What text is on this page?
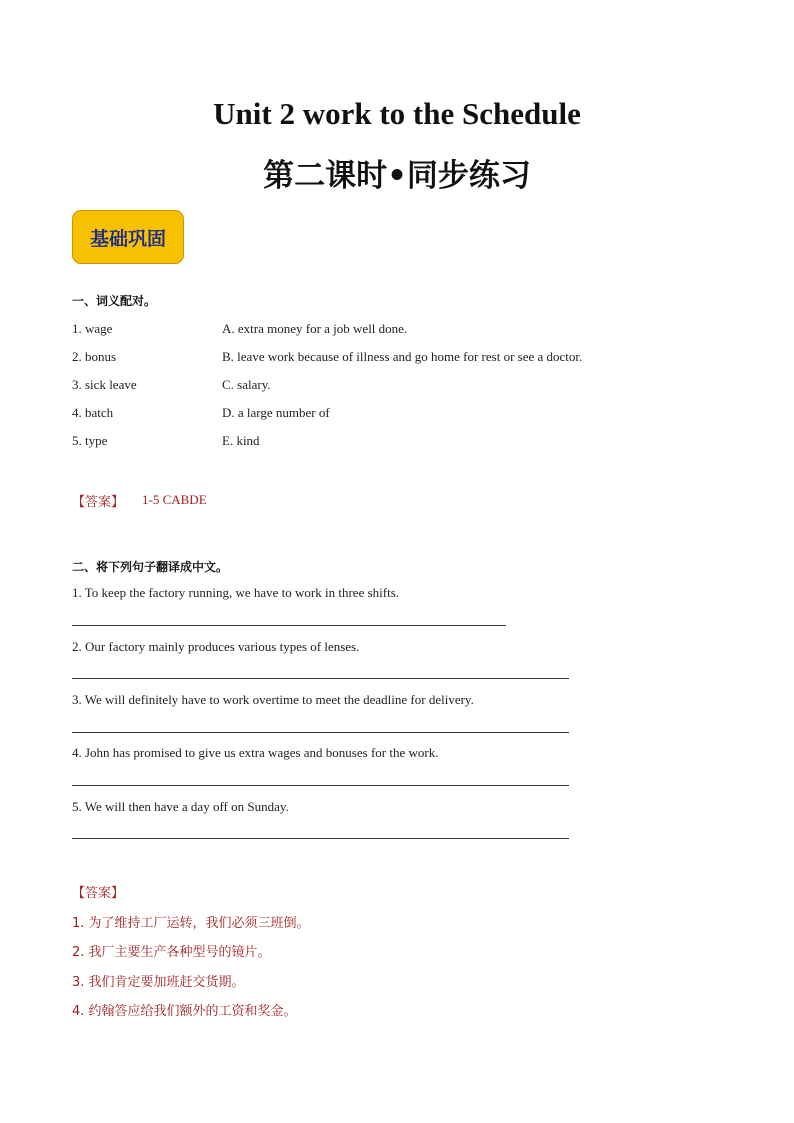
Unit 2 work to the Schedule
第二课时•同步练习
基础巩固
一、词义配对。
1. wage	A. extra money for a job well done.
2. bonus	B. leave work because of illness and go home for rest or see a doctor.
3. sick leave	C. salary.
4. batch	D. a large number of
5. type	E. kind
【答案】 1-5 CABDE
二、将下列句子翻译成中文。
1. To keep the factory running, we have to work in three shifts.
2. Our factory mainly produces various types of lenses.
3. We will definitely have to work overtime to meet the deadline for delivery.
4. John has promised to give us extra wages and bonuses for the work.
5. We will then have a day off on Sunday.
【答案】
1. 为了维持工厂运转，我们必须三班倒。
2. 我厂主要生产各种型号的镜片。
3. 我们肯定要加班赶交货期。
4. 约翰答应给我们额外的工资和奖金。
